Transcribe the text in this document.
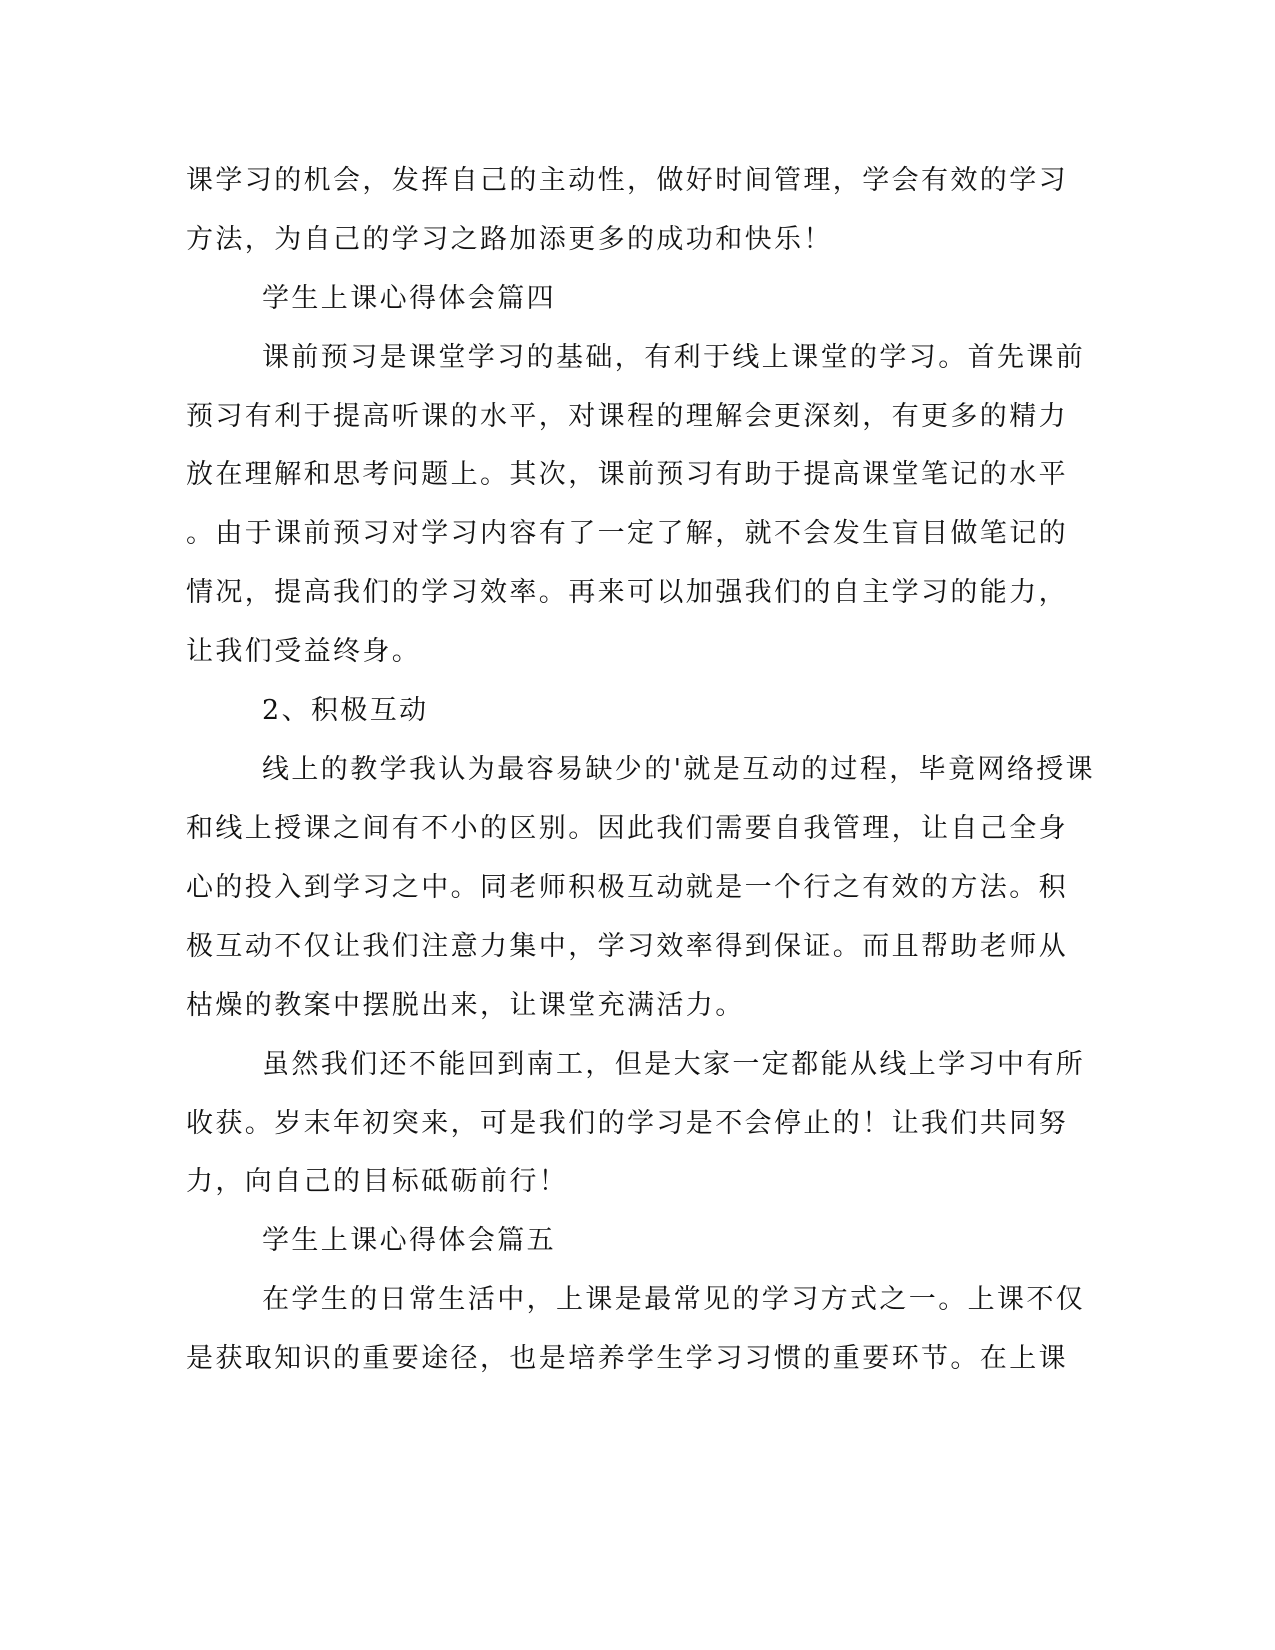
课学习的机会，发挥自己的主动性，做好时间管理，学会有效的学习
方法，为自己的学习之路加添更多的成功和快乐！
学生上课心得体会篇四
课前预习是课堂学习的基础，有利于线上课堂的学习。首先课前
预习有利于提高听课的水平，对课程的理解会更深刻，有更多的精力
放在理解和思考问题上。其次，课前预习有助于提高课堂笔记的水平
。由于课前预习对学习内容有了一定了解，就不会发生盲目做笔记的
情况，提高我们的学习效率。再来可以加强我们的自主学习的能力，
让我们受益终身。
2、积极互动
线上的教学我认为最容易缺少的'就是互动的过程，毕竟网络授课
和线上授课之间有不小的区别。因此我们需要自我管理，让自己全身
心的投入到学习之中。同老师积极互动就是一个行之有效的方法。积
极互动不仅让我们注意力集中，学习效率得到保证。而且帮助老师从
枯燥的教案中摆脱出来，让课堂充满活力。
虽然我们还不能回到南工，但是大家一定都能从线上学习中有所
收获。岁末年初突来，可是我们的学习是不会停止的！让我们共同努
力，向自己的目标砥砺前行！
学生上课心得体会篇五
在学生的日常生活中，上课是最常见的学习方式之一。上课不仅
是获取知识的重要途径，也是培养学生学习习惯的重要环节。在上课
